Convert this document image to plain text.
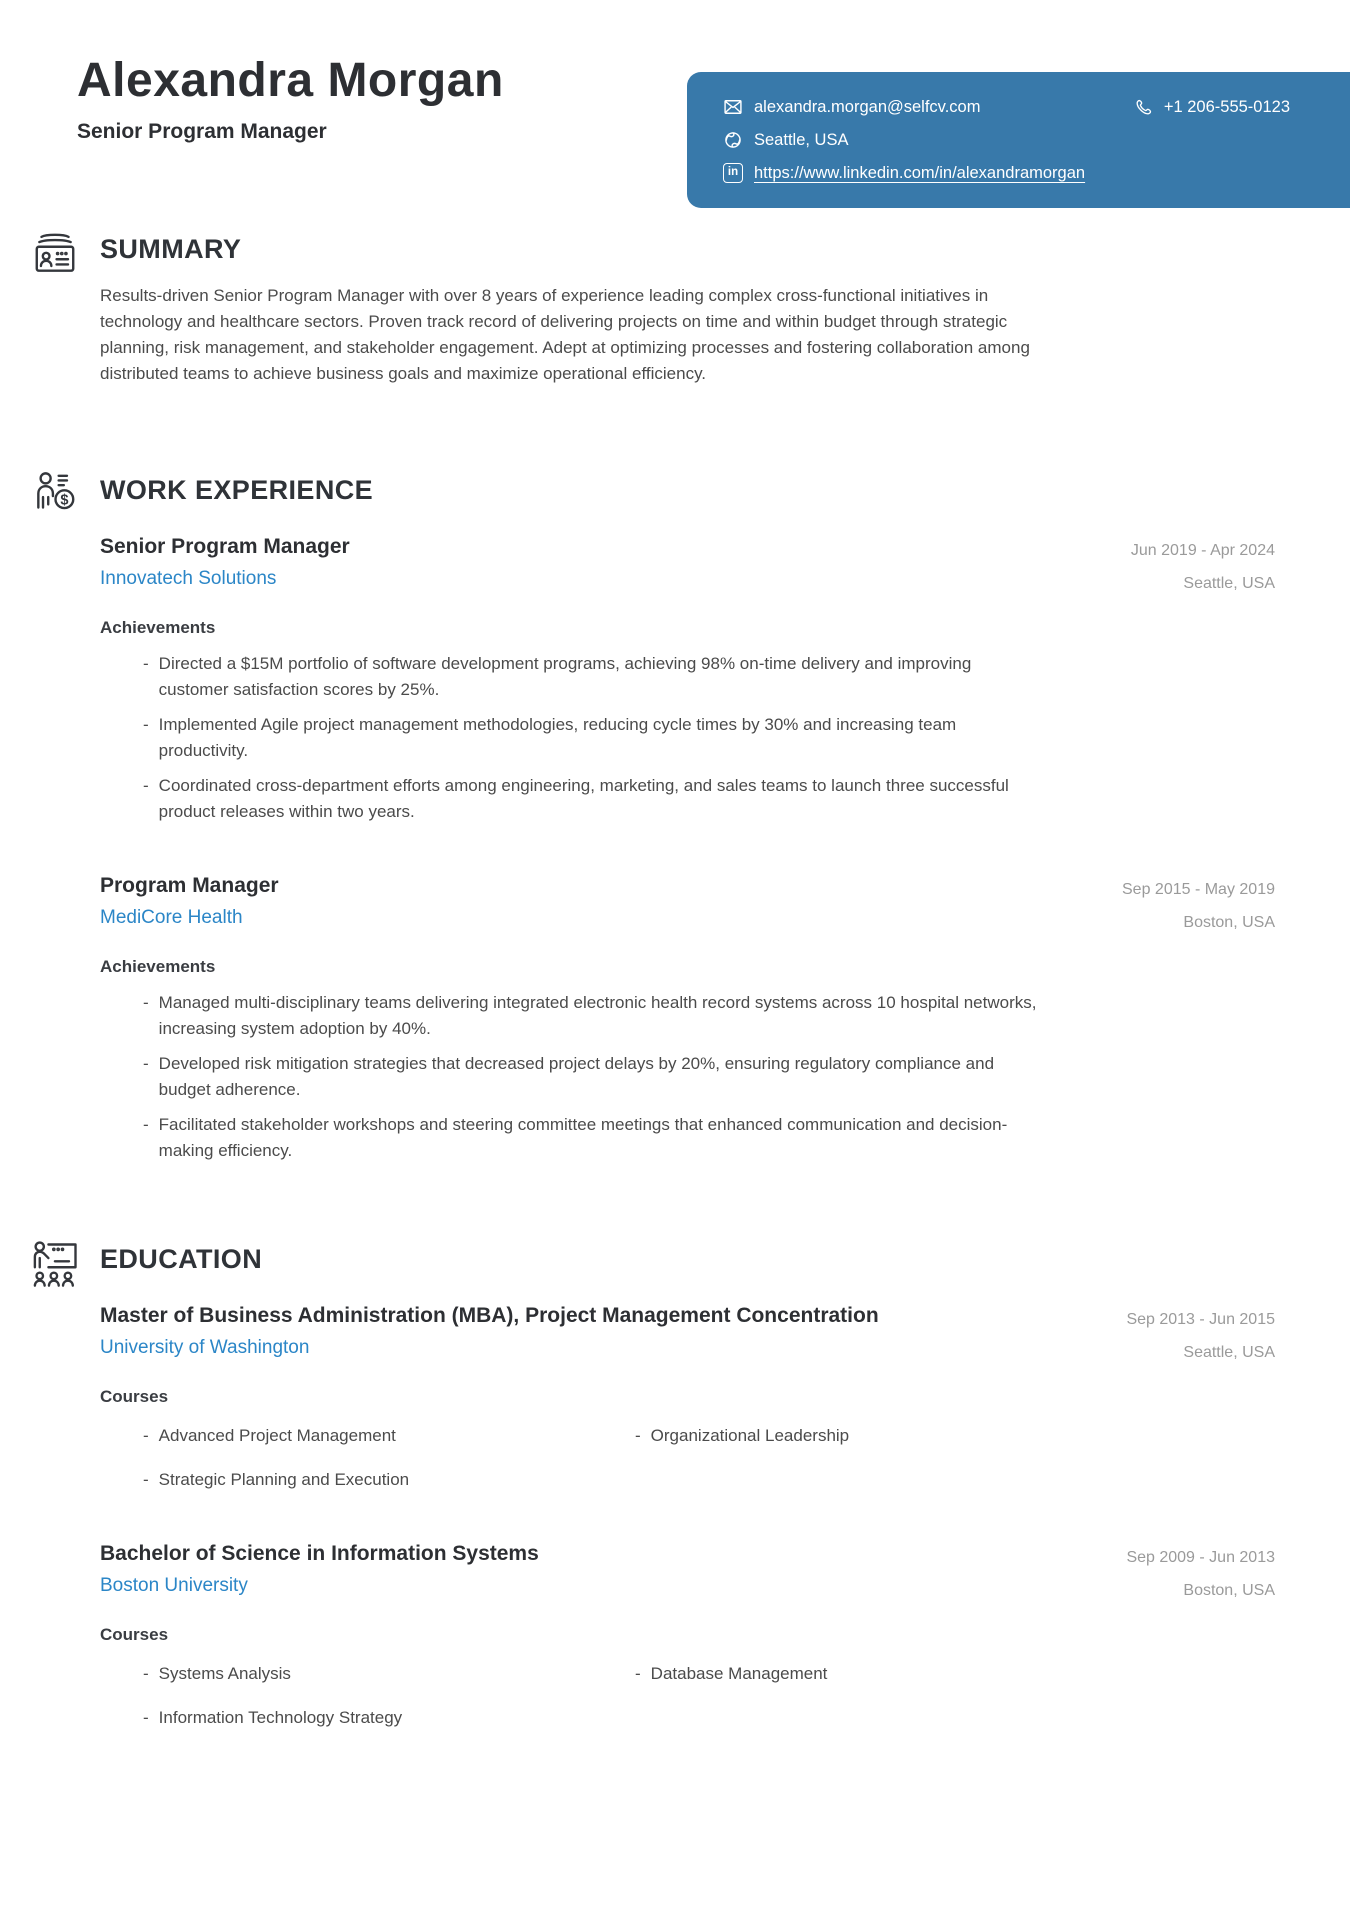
Alexandra Morgan
Senior Program Manager
alexandra.morgan@selfcv.com	+1 206-555-0123
Seattle, USA
in https://www.linkedin.com/in/alexandramorgan
SUMMARY

Results-driven Senior Program Manager with over 8 years of experience leading complex cross-functional initiatives in technology and healthcare sectors. Proven track record of delivering projects on time and within budget through strategic planning, risk management, and stakeholder engagement. Adept at optimizing processes and fostering collaboration among distributed teams to achieve business goals and maximize operational efficiency.

$ WORK EXPERIENCE
Senior Program Manager
Innovatech Solutions
Jun 2019 - Apr 2024
Seattle, USA
Achievements
-
Directed a $15M portfolio of software development programs, achieving 98% on-time delivery and improving customer satisfaction scores by 25%.
-
Implemented Agile project management methodologies, reducing cycle times by 30% and increasing team productivity.
-
Coordinated cross-department efforts among engineering, marketing, and sales teams to launch three successful product releases within two years.
Program Manager
MediCore Health
Sep 2015 - May 2019
Boston, USA
Achievements
-
Managed multi-disciplinary teams delivering integrated electronic health record systems across 10 hospital networks, increasing system adoption by 40%.
-
Developed risk mitigation strategies that decreased project delays by 20%, ensuring regulatory compliance and budget adherence.
-
Facilitated stakeholder workshops and steering committee meetings that enhanced communication and decision-making efficiency.
EDUCATION
Master of Business Administration (MBA), Project Management Concentration
University of Washington
Sep 2013 - Jun 2015
Seattle, USA
Courses
-
Advanced Project Management -	Organizational Leadership
-
Strategic Planning and Execution
Bachelor of Science in Information Systems
Boston University
Sep 2009 - Jun 2013
Boston, USA
Courses
-
Systems Analysis -	Database Management
-
Information Technology Strategy
